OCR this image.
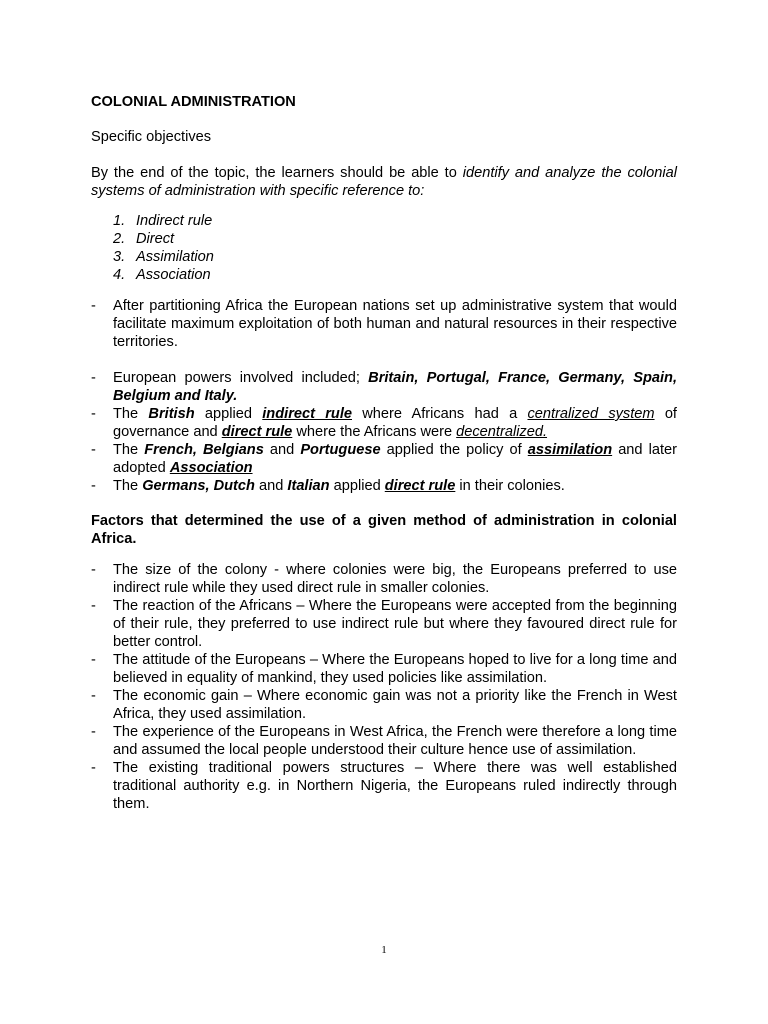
COLONIAL ADMINISTRATION

Specific objectives

By the end of the topic, the learners should be able to identify and analyze the colonial systems of administration with specific reference to:

1. Indirect rule
2. Direct
3. Assimilation
4. Association
- After partitioning Africa the European nations set up administrative system that would facilitate maximum exploitation of both human and natural resources in their respective territories.
- European powers involved included; Britain, Portugal, France, Germany, Spain, Belgium and Italy.
- The British applied indirect rule where Africans had a centralized system of governance and direct rule where the Africans were decentralized.
- The French, Belgians and Portuguese applied the policy of assimilation and later adopted Association
- The Germans, Dutch and Italian applied direct rule in their colonies.

Factors that determined the use of a given method of administration in colonial Africa.

- The size of the colony - where colonies were big, the Europeans preferred to use indirect rule while they used direct rule in smaller colonies.
- The reaction of the Africans – Where the Europeans were accepted from the beginning of their rule, they preferred to use indirect rule but where they favoured direct rule for better control.
- The attitude of the Europeans – Where the Europeans hoped to live for a long time and believed in equality of mankind, they used policies like assimilation.
- The economic gain – Where economic gain was not a priority like the French in West Africa, they used assimilation.
- The experience of the Europeans in West Africa, the French were therefore a long time and assumed the local people understood their culture hence use of assimilation.
- The existing traditional powers structures – Where there was well established traditional authority e.g. in Northern Nigeria, the Europeans ruled indirectly through them.
1
